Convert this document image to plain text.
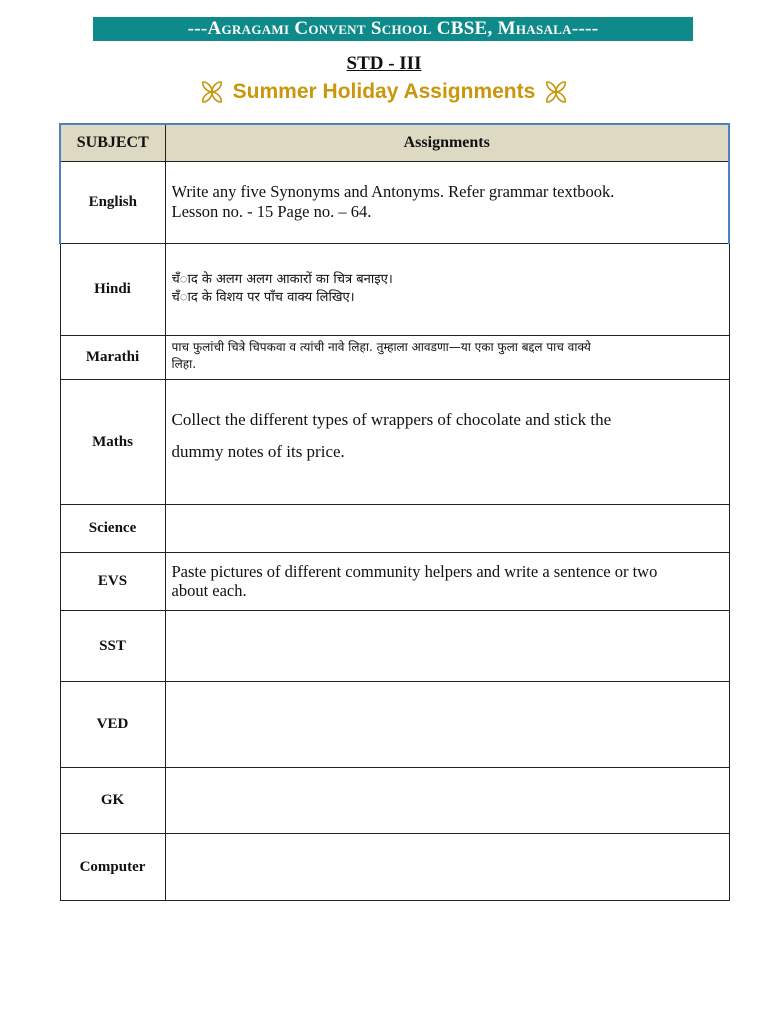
---Agragami Convent School CBSE, Mhasala----
STD - III
Summer Holiday Assignments
SUBJECT	Assignments
English	Write any five Synonyms and Antonyms. Refer grammar textbook.
Lesson no. - 15 Page no. – 64.

Hindi	चँाद के अलग अलग आकारों का चित्र बनाइए।
चँाद के विशय पर पाँच वाक्य लिखिए।

Marathi	पाच फुलांची चित्रे चिपकवा व त्यांची नावे लिहा. तुम्हाला आवडणा—या एका फुला बद्दल पाच वाक्ये
लिहा.

Maths	Collect the different types of wrappers of chocolate and stick the
dummy notes of its price.

Science	
EVS	Paste pictures of different community helpers and write a sentence or two
about each.

SST	
VED	
GK	
Computer	
